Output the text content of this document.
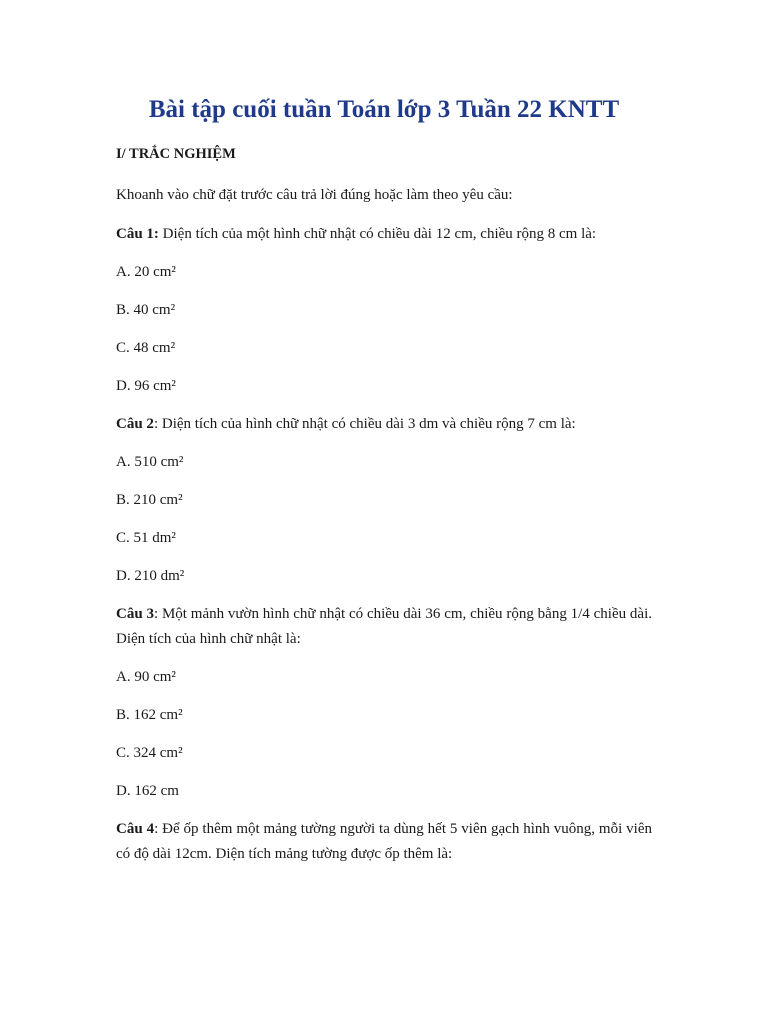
Bài tập cuối tuần Toán lớp 3 Tuần 22 KNTT
I/ TRẮC NGHIỆM
Khoanh vào chữ đặt trước câu trả lời đúng hoặc làm theo yêu cầu:
Câu 1: Diện tích của một hình chữ nhật có chiều dài 12 cm, chiều rộng 8 cm là:
A. 20 cm²
B. 40 cm²
C. 48 cm²
D. 96 cm²
Câu 2: Diện tích của hình chữ nhật có chiều dài 3 dm và chiều rộng 7 cm là:
A. 510 cm²
B. 210 cm²
C. 51 dm²
D. 210 dm²
Câu 3: Một mảnh vườn hình chữ nhật có chiều dài 36 cm, chiều rộng bằng 1/4 chiều dài. Diện tích của hình chữ nhật là:
A. 90 cm²
B. 162 cm²
C. 324 cm²
D. 162 cm
Câu 4: Để ốp thêm một mảng tường người ta dùng hết 5 viên gạch hình vuông, mỗi viên có độ dài 12cm. Diện tích mảng tường được ốp thêm là:
